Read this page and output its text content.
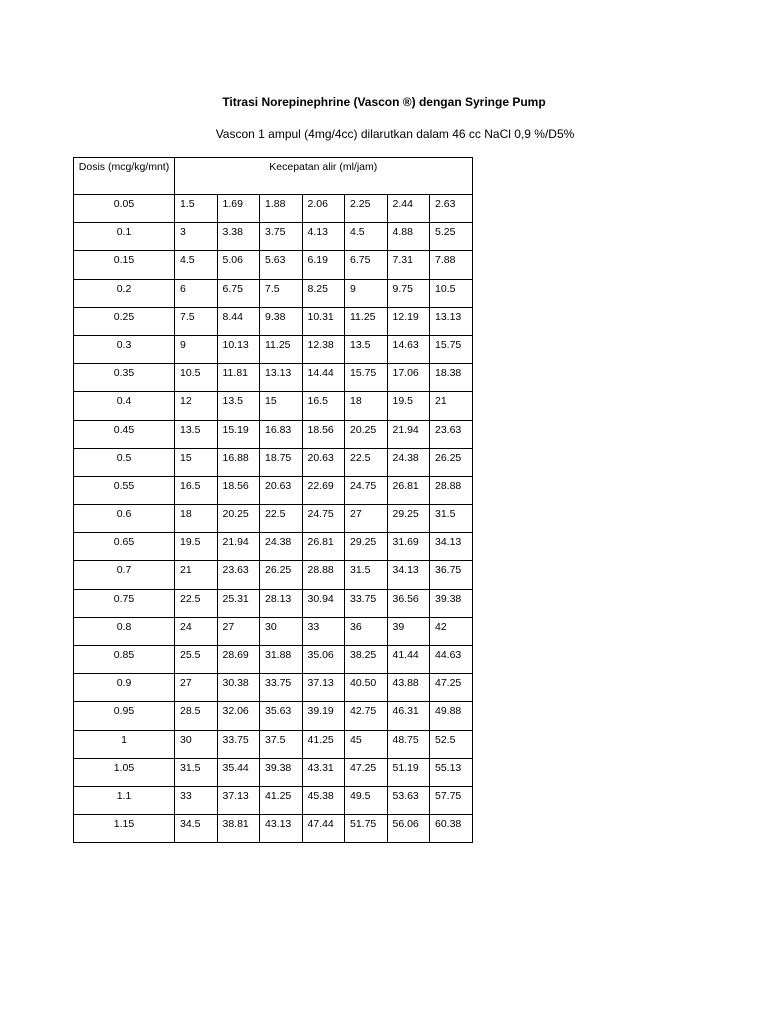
Titrasi Norepinephrine (Vascon ®) dengan Syringe Pump
Vascon 1 ampul (4mg/4cc) dilarutkan dalam 46 cc NaCl 0,9 %/D5%
Dosis (mcg/kg/mnt)	Kecepatan alir (ml/jam)						
0.05	1.5	1.69	1.88	2.06	2.25	2.44	2.63
0.1	3	3.38	3.75	4.13	4.5	4.88	5.25
0.15	4.5	5.06	5.63	6.19	6.75	7.31	7.88
0.2	6	6.75	7.5	8.25	9	9.75	10.5
0.25	7.5	8.44	9.38	10.31	11.25	12.19	13.13
0.3	9	10.13	11.25	12.38	13.5	14.63	15.75
0.35	10.5	11.81	13.13	14.44	15.75	17.06	18.38
0.4	12	13.5	15	16.5	18	19.5	21
0.45	13.5	15.19	16.83	18.56	20.25	21.94	23.63
0.5	15	16.88	18.75	20.63	22.5	24.38	26.25
0.55	16.5	18.56	20.63	22.69	24.75	26.81	28.88
0.6	18	20.25	22.5	24.75	27	29.25	31.5
0.65	19.5	21.94	24.38	26.81	29.25	31.69	34.13
0.7	21	23.63	26.25	28.88	31.5	34.13	36.75
0.75	22.5	25.31	28.13	30.94	33.75	36.56	39.38
0.8	24	27	30	33	36	39	42
0.85	25.5	28.69	31.88	35.06	38.25	41.44	44.63
0.9	27	30.38	33.75	37.13	40.50	43.88	47.25
0.95	28.5	32.06	35.63	39.19	42.75	46.31	49.88
1	30	33.75	37.5	41.25	45	48.75	52.5
1.05	31.5	35.44	39.38	43.31	47.25	51.19	55.13
1.1	33	37.13	41.25	45.38	49.5	53.63	57.75
1.15	34.5	38.81	43.13	47.44	51.75	56.06	60.38
